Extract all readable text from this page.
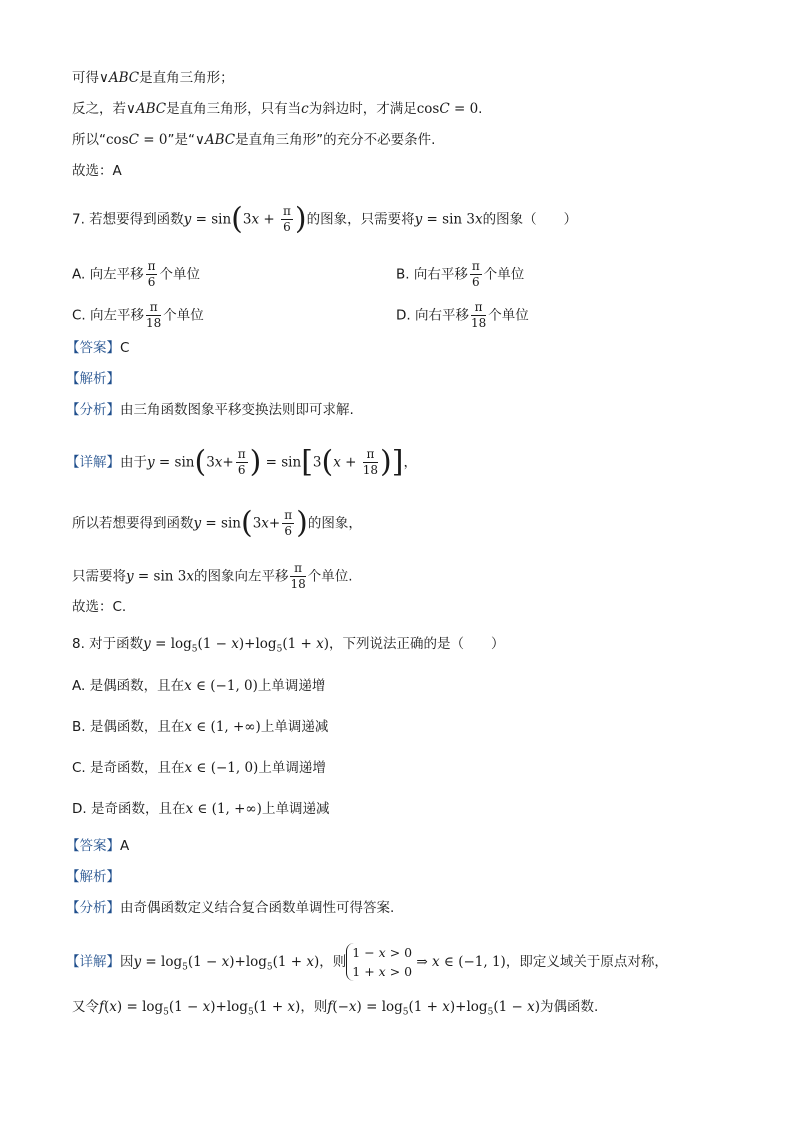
可得∨ABC是直角三角形；
反之，若∨ABC是直角三角形，只有当c为斜边时，才满足cosC = 0.
所以“cosC = 0”是“∨ABC是直角三角形”的充分不必要条件.
故选：A
7. 若想要得到函数$y = \sin(3x + \frac{\pi}{6}$ )的图象，只需要将y = sin 3x的图象（　　）
A. 向左平移 $\frac{\pi}{6}$ 个单位	B. 向右平移 $\frac{\pi}{6}$ 个单位
C. 向左平移 $\frac{\pi}{18}$ 个单位	D. 向右平移 $\frac{\pi}{18}$ 个单位
【答案】C
【解析】
【分析】由三角函数图象平移变换法则即可求解.
【详解】由于$y = \sin(3x+ \frac{\pi}{6}$ ) = $\sin[3(x + \frac{\pi}{18}$ )]，
所以若想要得到函数$y = \sin(3x+ \frac{\pi}{6}$ )的图象，
只需要将y = sin 3x的图象向左平移 $\frac{\pi}{18}$ 个单位.
故选：C.
8. 对于函数$y = \log_5(1 - x)+\log_5(1 + x)$，下列说法正确的是（　　）
A. 是偶函数，且在x ∈ (−1, 0)上单调递增
B. 是偶函数，且在x ∈ (1, +∞)上单调递减
C. 是奇函数，且在x ∈ (−1, 0)上单调递增
D. 是奇函数，且在x ∈ (1, +∞)上单调递减
【答案】A
【解析】
【分析】由奇偶函数定义结合复合函数单调性可得答案.
【详解】因$y = \log_5(1 - x)+\log_5(1 + x)$，则1 − x > 0
1 + x > 0 ⇒ x ∈ (−1, 1)，即定义域关于原点对称，
又令$f(x) = \log_5(1 - x)+\log_5(1 + x)$，则$f(-x) = \log_5(1 + x)+\log_5(1 - x)$为偶函数.
